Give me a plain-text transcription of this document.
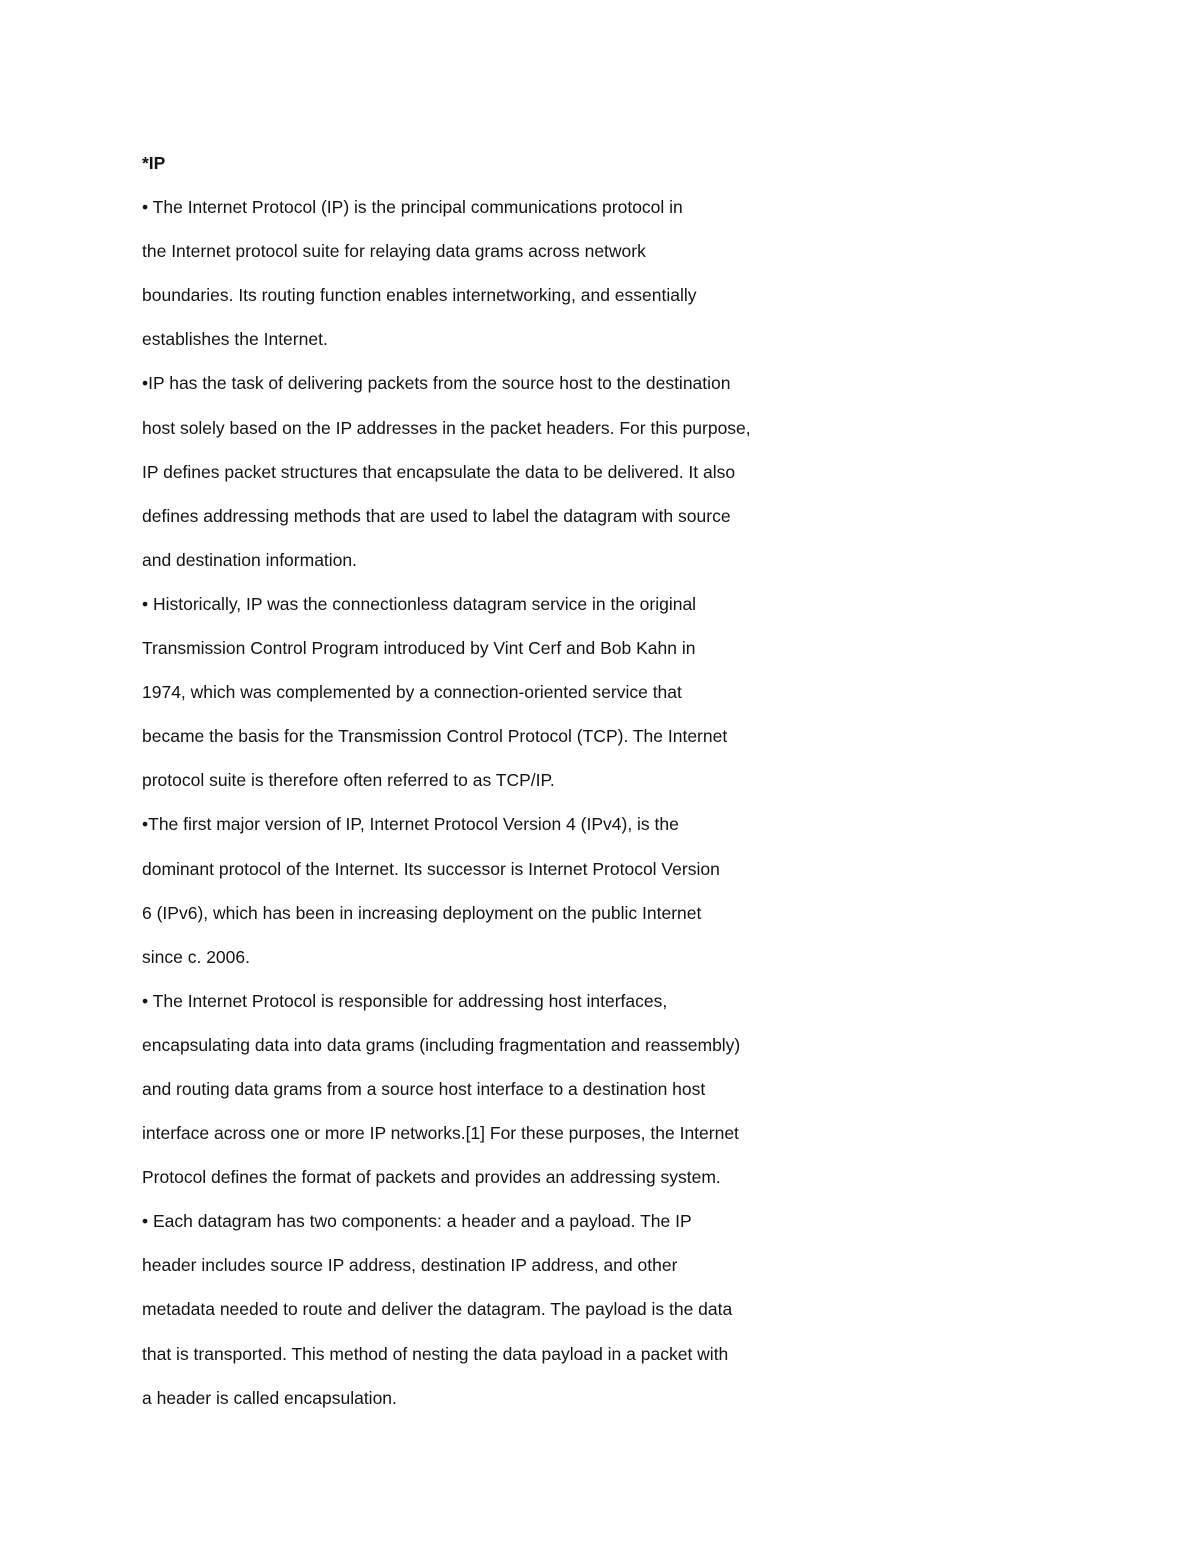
*IP
• The Internet Protocol (IP) is the principal communications protocol in
the Internet protocol suite for relaying data grams across network
boundaries. Its routing function enables internetworking, and essentially
establishes the Internet.
•IP has the task of delivering packets from the source host to the destination
host solely based on the IP addresses in the packet headers. For this purpose,
IP defines packet structures that encapsulate the data to be delivered. It also
defines addressing methods that are used to label the datagram with source
and destination information.
• Historically, IP was the connectionless datagram service in the original
Transmission Control Program introduced by Vint Cerf and Bob Kahn in
1974, which was complemented by a connection-oriented service that
became the basis for the Transmission Control Protocol (TCP). The Internet
protocol suite is therefore often referred to as TCP/IP.
•The first major version of IP, Internet Protocol Version 4 (IPv4), is the
dominant protocol of the Internet. Its successor is Internet Protocol Version
6 (IPv6), which has been in increasing deployment on the public Internet
since c. 2006.
• The Internet Protocol is responsible for addressing host interfaces,
encapsulating data into data grams (including fragmentation and reassembly)
and routing data grams from a source host interface to a destination host
interface across one or more IP networks.[1] For these purposes, the Internet
Protocol defines the format of packets and provides an addressing system.
• Each datagram has two components: a header and a payload. The IP
header includes source IP address, destination IP address, and other
metadata needed to route and deliver the datagram. The payload is the data
that is transported. This method of nesting the data payload in a packet with
a header is called encapsulation.
